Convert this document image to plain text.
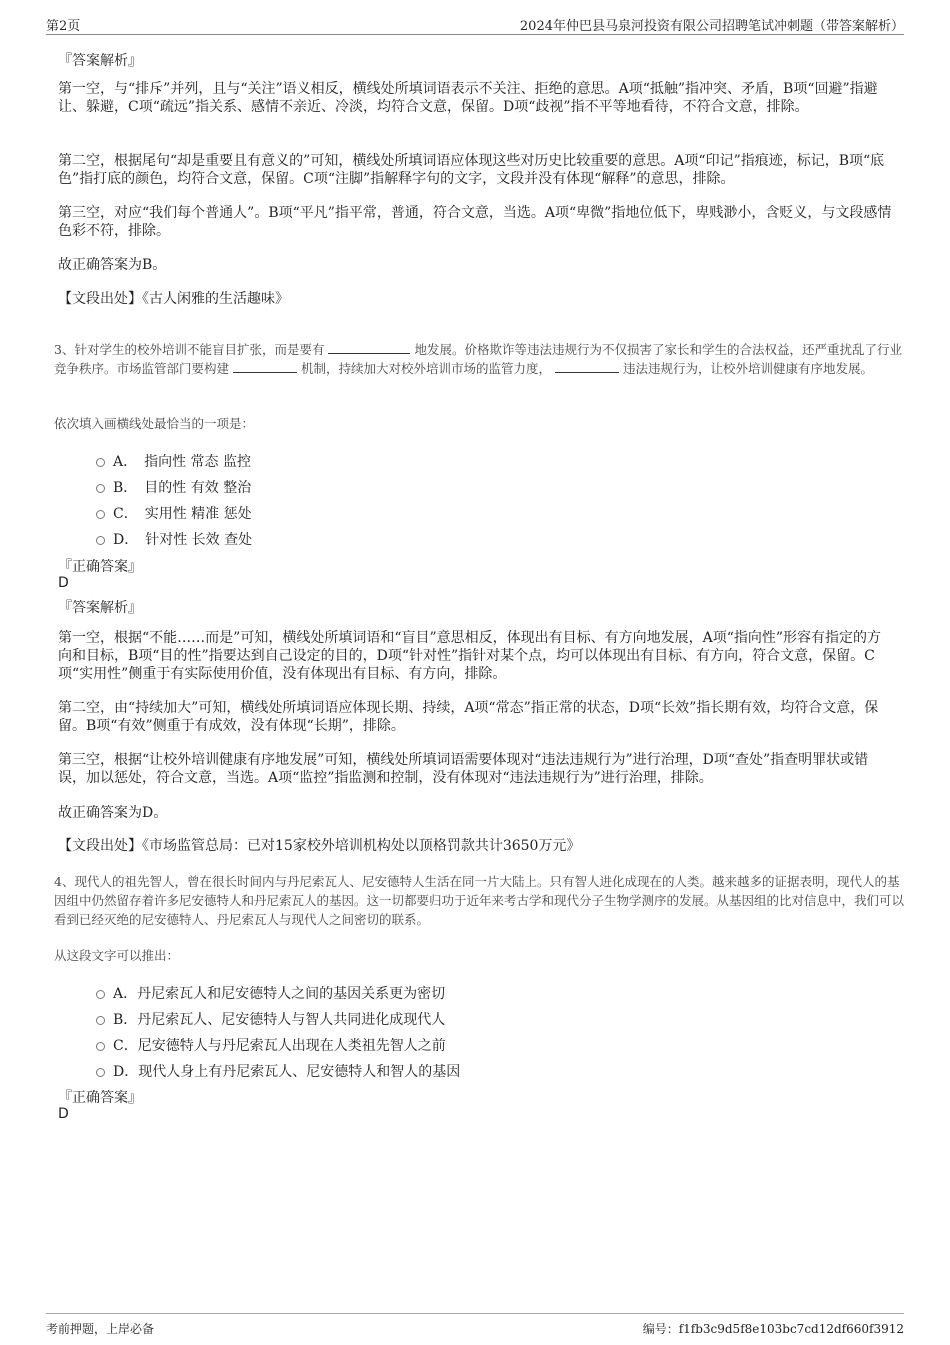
第2页	2024年仲巴县马泉河投资有限公司招聘笔试冲刺题（带答案解析）
『答案解析』
第一空，与“排斥”并列，且与“关注”语义相反，横线处所填词语表示不关注、拒绝的意思。A项“抵触”指冲突、矛盾，B项“回避”指避让、躲避，C项“疏远”指关系、感情不亲近、冷淡，均符合文意，保留。D项“歧视”指不平等地看待，不符合文意，排除。
第二空，根据尾句“却是重要且有意义的”可知，横线处所填词语应体现这些对历史比较重要的意思。A项“印记”指痕迹，标记，B项“底色”指打底的颜色，均符合文意，保留。C项“注脚”指解释字句的文字，文段并没有体现“解释”的意思，排除。
第三空，对应“我们每个普通人”。B项“平凡”指平常，普通，符合文意，当选。A项“卑微”指地位低下，卑贱渺小，含贬义，与文段感情色彩不符，排除。
故正确答案为B。
【文段出处】《古人闲雅的生活趣味》
3、针对学生的校外培训不能盲目扩张，而是要有	地发展。价格欺诈等违法违规行为不仅损害了家长和学生的合法权益，还严重扰乱了行业竞争秩序。市场监管部门要构建	机制，持续加大对校外培训市场的监管力度，	违法违规行为，让校外培训健康有序地发展。
依次填入画横线处最恰当的一项是：
A．　指向性 常态 监控
B．　目的性 有效 整治
C．　实用性 精准 惩处
D．　针对性 长效 查处
『正确答案』
D
『答案解析』
第一空，根据“不能……而是”可知，横线处所填词语和“盲目”意思相反，体现出有目标、有方向地发展，A项“指向性”形容有指定的方向和目标，B项“目的性”指要达到自己设定的目的，D项“针对性”指针对某个点，均可以体现出有目标、有方向，符合文意，保留。C项“实用性”侧重于有实际使用价值，没有体现出有目标、有方向，排除。
第二空，由“持续加大”可知，横线处所填词语应体现长期、持续，A项“常态”指正常的状态，D项“长效”指长期有效，均符合文意，保留。B项“有效”侧重于有成效，没有体现“长期”，排除。
第三空，根据“让校外培训健康有序地发展”可知，横线处所填词语需要体现对“违法违规行为”进行治理，D项“查处”指查明罪状或错误，加以惩处，符合文意，当选。A项“监控”指监测和控制，没有体现对“违法违规行为”进行治理，排除。
故正确答案为D。
【文段出处】《市场监管总局：已对15家校外培训机构处以顶格罚款共计3650万元》
4、现代人的祖先智人，曾在很长时间内与丹尼索瓦人、尼安德特人生活在同一片大陆上。只有智人进化成现在的人类。越来越多的证据表明，现代人的基因组中仍然留存着许多尼安德特人和丹尼索瓦人的基因。这一切都要归功于近年来考古学和现代分子生物学测序的发展。从基因组的比对信息中，我们可以看到已经灭绝的尼安德特人、丹尼索瓦人与现代人之间密切的联系。
从这段文字可以推出：
A．丹尼索瓦人和尼安德特人之间的基因关系更为密切
B．丹尼索瓦人、尼安德特人与智人共同进化成现代人
C．尼安德特人与丹尼索瓦人出现在人类祖先智人之前
D．现代人身上有丹尼索瓦人、尼安德特人和智人的基因
『正确答案』
D
考前押题，上岸必备	编号：f1fb3c9d5f8e103bc7cd12df660f3912
